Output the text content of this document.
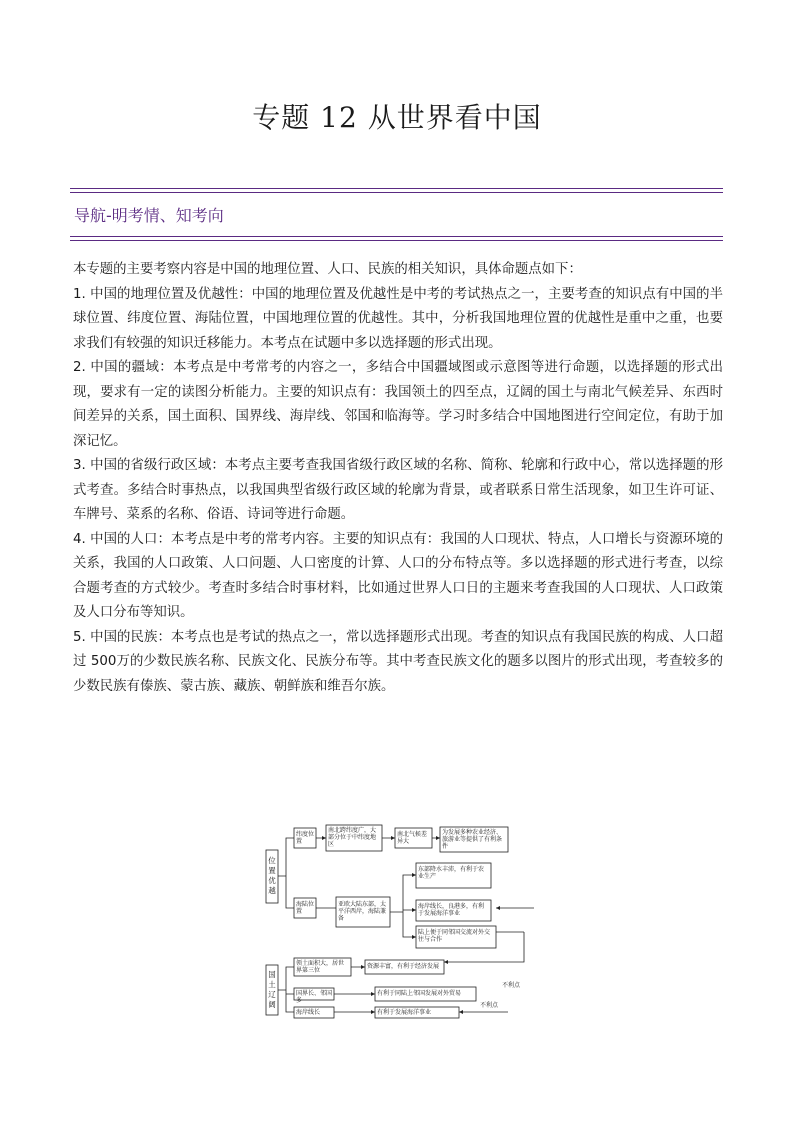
专题 12 从世界看中国
导航-明考情、知考向

本专题的主要考察内容是中国的地理位置、人口、民族的相关知识，具体命题点如下：

1. 中国的地理位置及优越性：中国的地理位置及优越性是中考的考试热点之一，主要考查的知识点有中国的半球位置、纬度位置、海陆位置，中国地理位置的优越性。其中，分析我国地理位置的优越性是重中之重，也要求我们有较强的知识迁移能力。本考点在试题中多以选择题的形式出现。

2. 中国的疆域：本考点是中考常考的内容之一，多结合中国疆域图或示意图等进行命题，以选择题的形式出现，要求有一定的读图分析能力。主要的知识点有：我国领土的四至点，辽阔的国土与南北气候差异、东西时间差异的关系，国土面积、国界线、海岸线、邻国和临海等。学习时多结合中国地图进行空间定位，有助于加深记忆。

3. 中国的省级行政区域：本考点主要考查我国省级行政区域的名称、简称、轮廓和行政中心，常以选择题的形式考查。多结合时事热点，以我国典型省级行政区域的轮廓为背景，或者联系日常生活现象，如卫生许可证、车牌号、菜系的名称、俗语、诗词等进行命题。

4. 中国的人口：本考点是中考的常考内容。主要的知识点有：我国的人口现状、特点，人口增长与资源环境的关系，我国的人口政策、人口问题、人口密度的计算、人口的分布特点等。多以选择题的形式进行考查，以综合题考查的方式较少。考查时多结合时事材料，比如通过世界人口日的主题来考查我国的人口现状、人口政策及人口分布等知识。

5. 中国的民族：本考点也是考试的热点之一，常以选择题形式出现。考查的知识点有我国民族的构成、人口超过 500万的少数民族名称、民族文化、民族分布等。其中考查民族文化的题多以图片的形式出现，考查较多的少数民族有傣族、蒙古族、藏族、朝鲜族和维吾尔族。

位置优越
国土辽阔
纬度位置
南北跨纬度广，大部分位于中纬度地区
南北气候差异大
为发展多种农业经济、旅游业等提供了有利条件
海陆位置
亚欧大陆东部，太平洋西岸，海陆兼备
东部降水丰沛，有利于农业生产
海岸线长，良港多，有利于发展海洋事业
陆上便于同邻国交流对外交往与合作
领土面积大，居世界第三位
资源丰富，有利于经济发展
国界长、邻国多
有利于同陆上邻国发展对外贸易
海岸线长	有利于发展海洋事业
不利点
不利点
